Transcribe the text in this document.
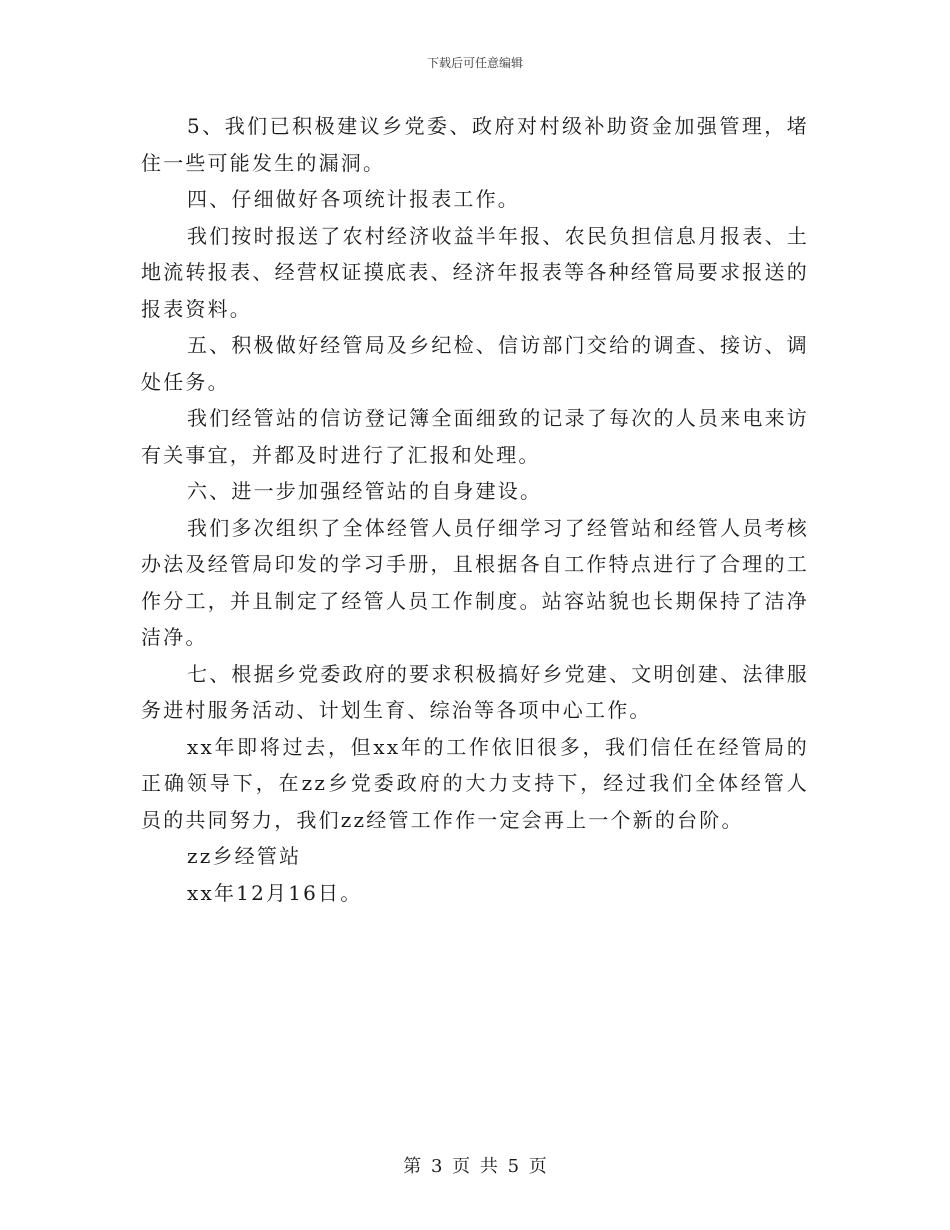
下载后可任意编辑

5、我们已积极建议乡党委、政府对村级补助资金加强管理，堵住一些可能发生的漏洞。

四、仔细做好各项统计报表工作。

我们按时报送了农村经济收益半年报、农民负担信息月报表、土地流转报表、经营权证摸底表、经济年报表等各种经管局要求报送的报表资料。

五、积极做好经管局及乡纪检、信访部门交给的调查、接访、调处任务。

我们经管站的信访登记簿全面细致的记录了每次的人员来电来访有关事宜，并都及时进行了汇报和处理。

六、进一步加强经管站的自身建设。

我们多次组织了全体经管人员仔细学习了经管站和经管人员考核办法及经管局印发的学习手册，且根据各自工作特点进行了合理的工作分工，并且制定了经管人员工作制度。站容站貌也长期保持了洁净洁净。

七、根据乡党委政府的要求积极搞好乡党建、文明创建、法律服务进村服务活动、计划生育、综治等各项中心工作。

xx年即将过去，但xx年的工作依旧很多，我们信任在经管局的正确领导下，在zz乡党委政府的大力支持下，经过我们全体经管人员的共同努力，我们zz经管工作作一定会再上一个新的台阶。

zz乡经管站

xx年12月16日。

第 3 页 共 5 页
